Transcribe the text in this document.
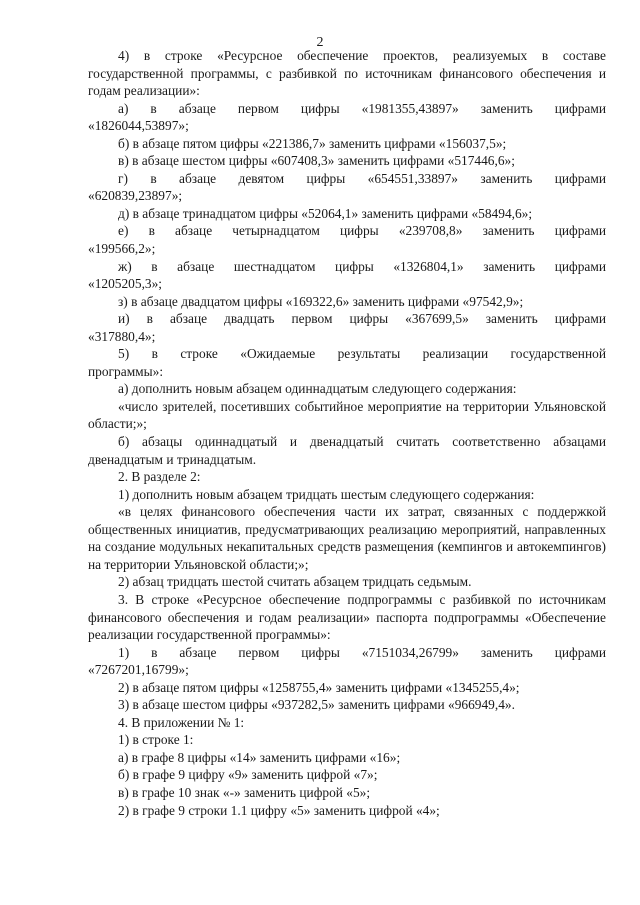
2

4) в строке «Ресурсное обеспечение проектов, реализуемых в составе государственной программы, с разбивкой по источникам финансового обеспечения и годам реализации»:

а) в абзаце первом цифры «1981355,43897» заменить цифрами «1826044,53897»;

б) в абзаце пятом цифры «221386,7» заменить цифрами «156037,5»;

в) в абзаце шестом цифры «607408,3» заменить цифрами «517446,6»;

г) в абзаце девятом цифры «654551,33897» заменить цифрами «620839,23897»;

д) в абзаце тринадцатом цифры «52064,1» заменить цифрами «58494,6»;

е) в абзаце четырнадцатом цифры «239708,8» заменить цифрами «199566,2»;

ж) в абзаце шестнадцатом цифры «1326804,1» заменить цифрами «1205205,3»;

з) в абзаце двадцатом цифры «169322,6» заменить цифрами «97542,9»;

и) в абзаце двадцать первом цифры «367699,5» заменить цифрами «317880,4»;

5) в строке «Ожидаемые результаты реализации государственной программы»:

а) дополнить новым абзацем одиннадцатым следующего содержания:

«число зрителей, посетивших событийное мероприятие на территории Ульяновской области;»;

б) абзацы одиннадцатый и двенадцатый считать соответственно абзацами двенадцатым и тринадцатым.

2. В разделе 2:

1) дополнить новым абзацем тридцать шестым следующего содержания:

«в целях финансового обеспечения части их затрат, связанных с поддержкой общественных инициатив, предусматривающих реализацию мероприятий, направленных на создание модульных некапитальных средств размещения (кемпингов и автокемпингов) на территории Ульяновской области;»;

2) абзац тридцать шестой считать абзацем тридцать седьмым.

3. В строке «Ресурсное обеспечение подпрограммы с разбивкой по источникам финансового обеспечения и годам реализации» паспорта подпрограммы «Обеспечение реализации государственной программы»:

1) в абзаце первом цифры «7151034,26799» заменить цифрами «7267201,16799»;

2) в абзаце пятом цифры «1258755,4» заменить цифрами «1345255,4»;

3) в абзаце шестом цифры «937282,5» заменить цифрами «966949,4».

4. В приложении № 1:

1) в строке 1:

а) в графе 8 цифры «14» заменить цифрами «16»;

б) в графе 9 цифру «9» заменить цифрой «7»;

в) в графе 10 знак «-» заменить цифрой «5»;

2) в графе 9 строки 1.1 цифру «5» заменить цифрой «4»;
